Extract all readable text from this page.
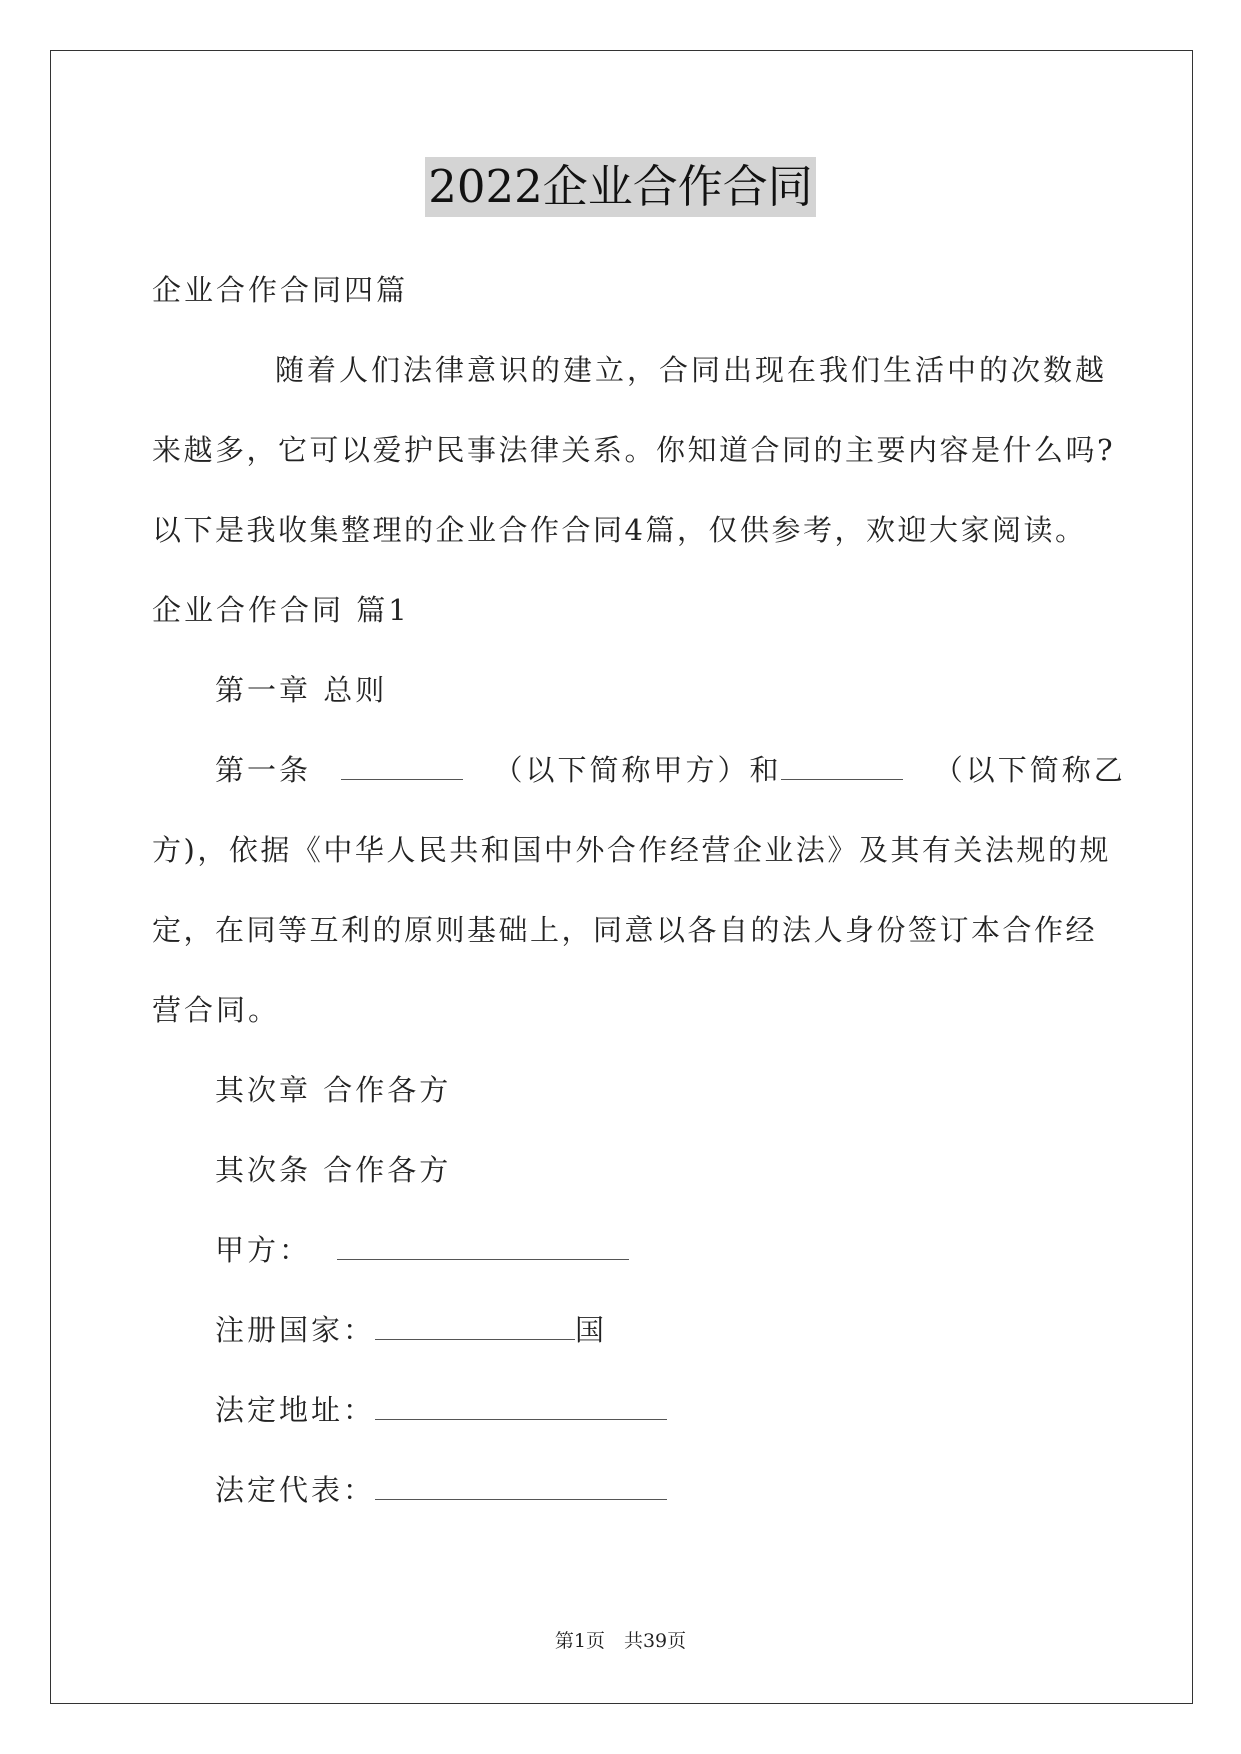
2022企业合作合同
企业合作合同四篇
随着人们法律意识的建立，合同出现在我们生活中的次数越
来越多，它可以爱护民事法律关系。你知道合同的主要内容是什么吗?
以下是我收集整理的企业合作合同4篇，仅供参考，欢迎大家阅读。
企业合作合同 篇1
第一章 总则
第一条	（以下简称甲方）和	（以下简称乙
方)，依据《中华人民共和国中外合作经营企业法》及其有关法规的规
定，在同等互利的原则基础上，同意以各自的法人身份签订本合作经
营合同。
其次章 合作各方
其次条 合作各方
甲方：
注册国家：	国
法定地址：
法定代表：
第1页　共39页
